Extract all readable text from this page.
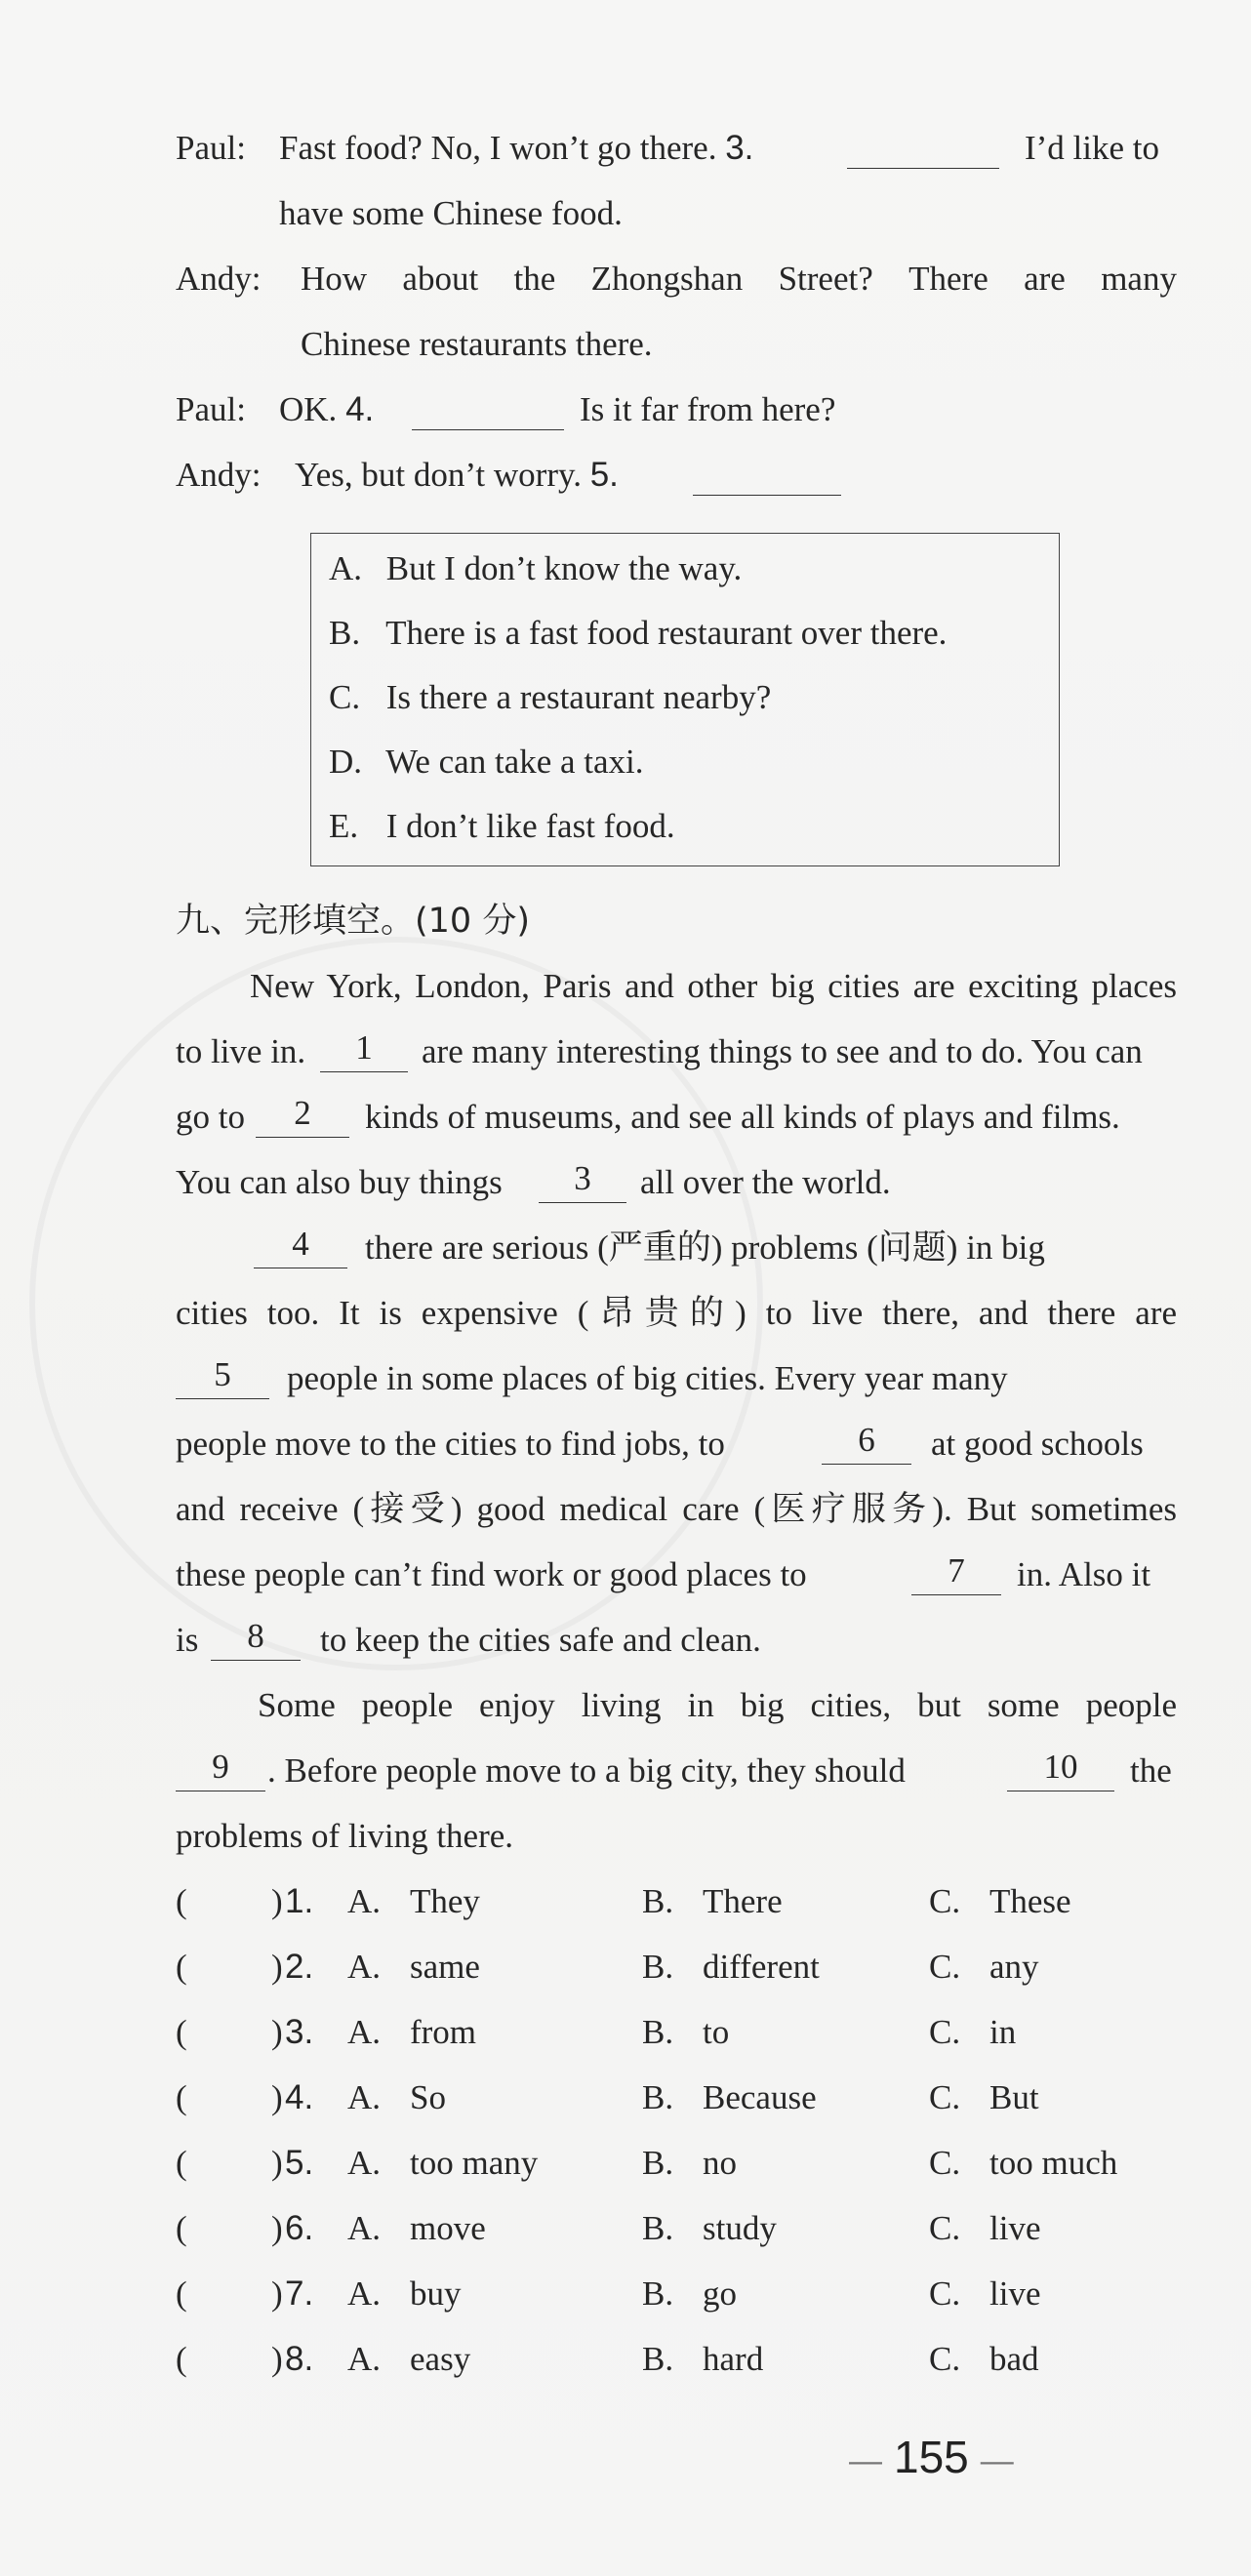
Paul: Fast food? No, I won’t go there. 3.	I’d like to
have some Chinese food.
Andy: How about the Zhongshan Street? There are many
Chinese restaurants there.
Paul: OK. 4.	Is it far from here?
Andy: Yes, but don’t worry. 5.
A. But I don’t know the way.
B. There is a fast food restaurant over there.
C. Is there a restaurant nearby?
D. We can take a taxi.
E. I don’t like fast food.
九、完形填空。(10 分)
New York, London, Paris and other big cities are exciting places
to live in.	1	are many interesting things to see and to do. You can
go to	2	kinds of museums, and see all kinds of plays and films.
You can also buy things	3	all over the world.
4	there are serious (严重的) problems (问题) in big
cities too. It is expensive (昂贵的) to live there, and there are
5	people in some places of big cities. Every year many
people move to the cities to find jobs, to	6	at good schools
and receive (接受) good medical care (医疗服务). But sometimes
these people can’t find work or good places to	7	in. Also it
is	8	to keep the cities safe and clean.
Some people enjoy living in big cities, but some people
9	. Before people move to a big city, they should	10	the
problems of living there.
( ) 1. A. They	B. There	C. These
( ) 2. A. same	B. different	C. any
( ) 3. A. from	B. to	C. in
( ) 4. A. So	B. Because	C. But
( ) 5. A. too many	B. no	C. too much
( ) 6. A. move	B. study	C. live
( ) 7. A. buy	B. go	C. live
( ) 8. A. easy	B. hard	C. bad
— 155 —
